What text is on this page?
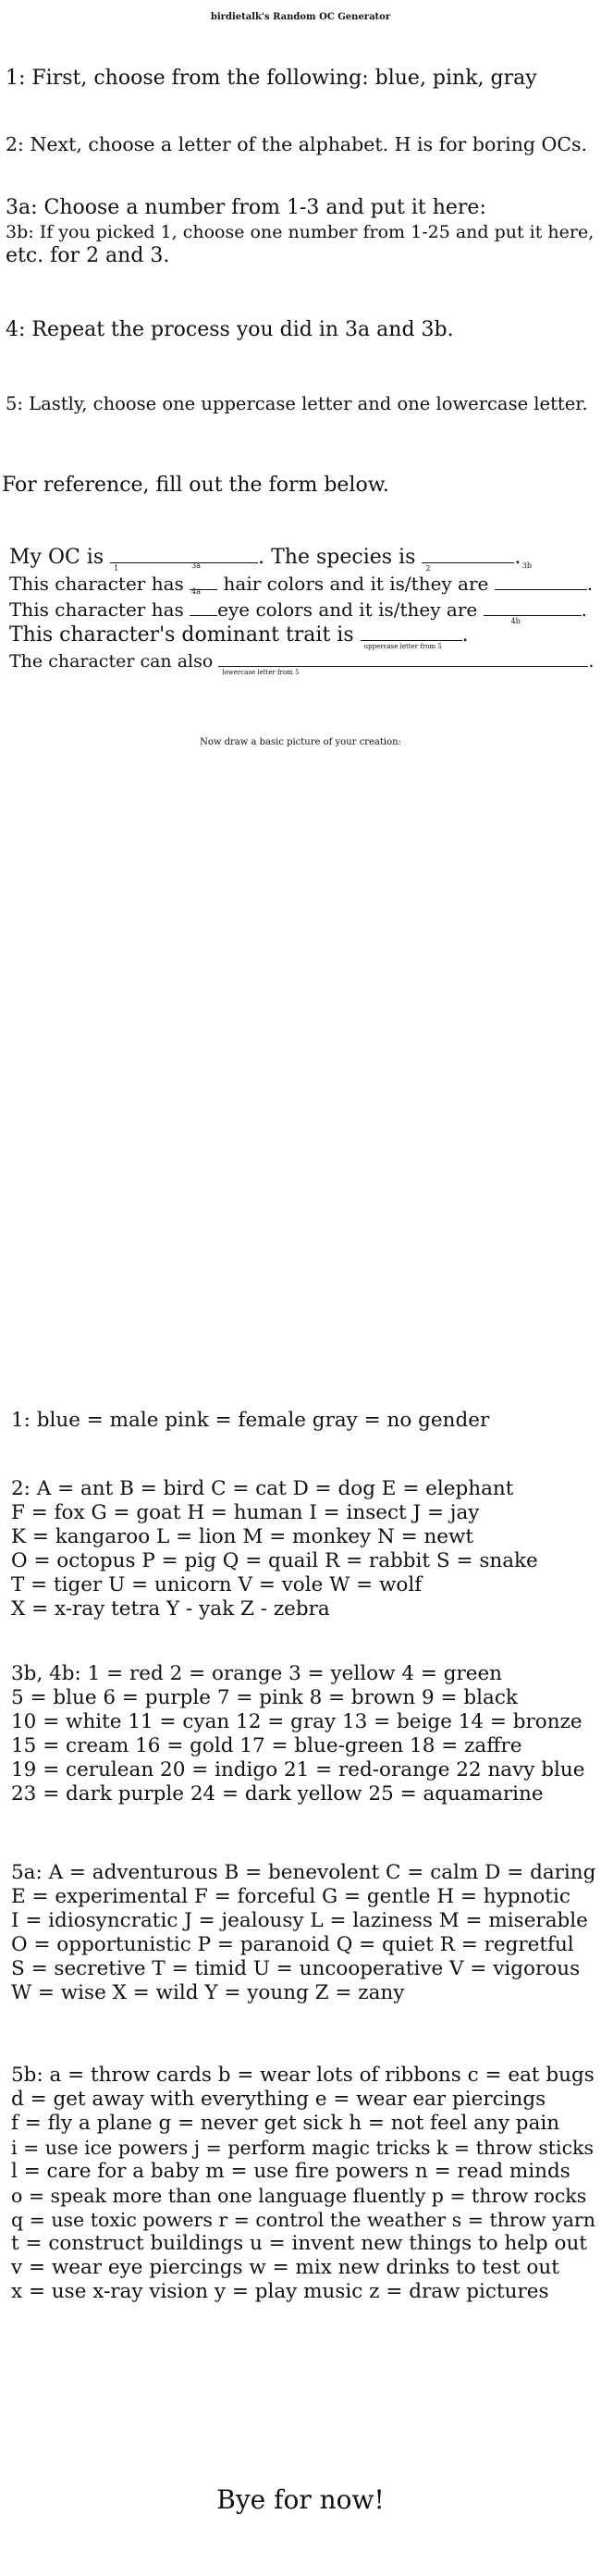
birdietalk's Random OC Generator

1: First, choose from the following: blue, pink, gray

2: Next, choose a letter of the alphabet. H is for boring OCs.

3a: Choose a number from 1-3 and put it here:

3b: If you picked 1, choose one number from 1-25 and put it here,

etc. for 2 and 3.

4: Repeat the process you did in 3a and 3b.

5: Lastly, choose one uppercase letter and one lowercase letter.

For reference, fill out the form below.

My OC is 1	. The species is 2	.

This character has
3a
hair colors and it is/they are
3b
.

This character has
4a
eye colors and it is/they are
4b
.

This character's dominant trait is uppercase letter from 5 .

The character can also
lowercase letter from 5
.

Now draw a basic picture of your creation:

1: blue = male pink = female gray = no gender

2: A = ant B = bird C = cat D = dog E = elephant

F = fox G = goat H = human I = insect J = jay

K = kangaroo L = lion M = monkey N = newt

O = octopus P = pig Q = quail R = rabbit S = snake

T = tiger U = unicorn V = vole W = wolf

X = x-ray tetra Y - yak Z - zebra

3b, 4b: 1 = red 2 = orange 3 = yellow 4 = green

5 = blue 6 = purple 7 = pink 8 = brown 9 = black

10 = white 11 = cyan 12 = gray 13 = beige 14 = bronze

15 = cream 16 = gold 17 = blue-green 18 = zaffre

19 = cerulean 20 = indigo 21 = red-orange 22 navy blue

23 = dark purple 24 = dark yellow 25 = aquamarine

5a: A = adventurous B = benevolent C = calm D = daring

E = experimental F = forceful G = gentle H = hypnotic

I = idiosyncratic J = jealousy L = laziness M = miserable

O = opportunistic P = paranoid Q = quiet R = regretful

S = secretive T = timid U = uncooperative V = vigorous

W = wise X = wild Y = young Z = zany

5b: a = throw cards b = wear lots of ribbons c = eat bugs

d = get away with everything e = wear ear piercings

f = fly a plane g = never get sick h = not feel any pain

i = use ice powers j = perform magic tricks k = throw sticks

l = care for a baby m = use fire powers n = read minds

o = speak more than one language fluently p = throw rocks

q = use toxic powers r = control the weather s = throw yarn

t = construct buildings u = invent new things to help out

v = wear eye piercings w = mix new drinks to test out

x = use x-ray vision y = play music z = draw pictures

Bye for now!
